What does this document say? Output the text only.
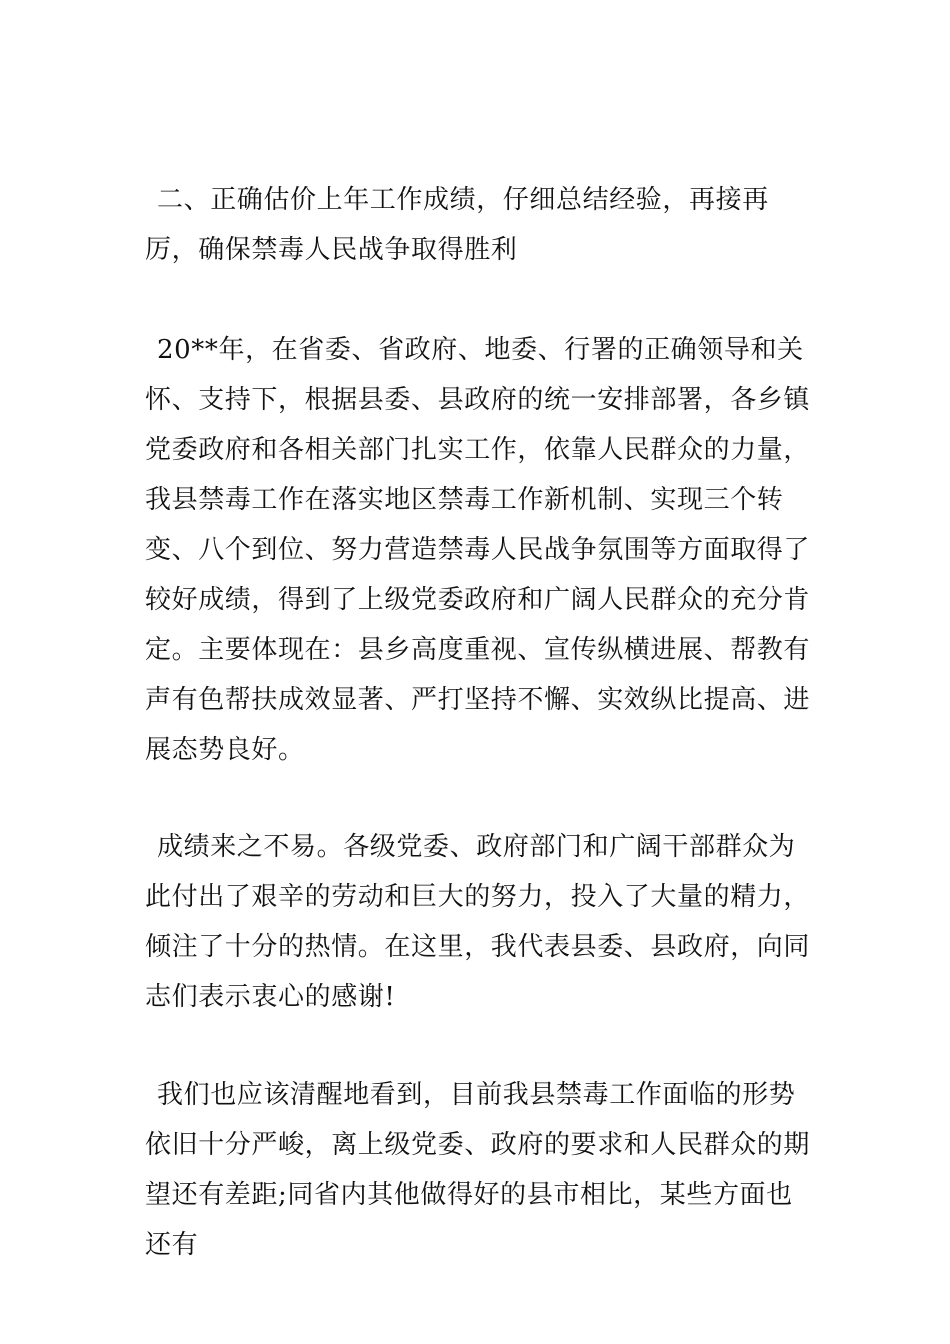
二、正确估价上年工作成绩，仔细总结经验，再接再厉，确保禁毒人民战争取得胜利

20**年，在省委、省政府、地委、行署的正确领导和关怀、支持下，根据县委、县政府的统一安排部署，各乡镇党委政府和各相关部门扎实工作，依靠人民群众的力量，我县禁毒工作在落实地区禁毒工作新机制、实现三个转变、八个到位、努力营造禁毒人民战争氛围等方面取得了较好成绩，得到了上级党委政府和广阔人民群众的充分肯定。主要体现在：县乡高度重视、宣传纵横进展、帮教有声有色帮扶成效显著、严打坚持不懈、实效纵比提高、进展态势良好。

成绩来之不易。各级党委、政府部门和广阔干部群众为此付出了艰辛的劳动和巨大的努力，投入了大量的精力，倾注了十分的热情。在这里，我代表县委、县政府，向同志们表示衷心的感谢!

我们也应该清醒地看到，目前我县禁毒工作面临的形势依旧十分严峻，离上级党委、政府的要求和人民群众的期望还有差距;同省内其他做得好的县市相比，某些方面也还有
